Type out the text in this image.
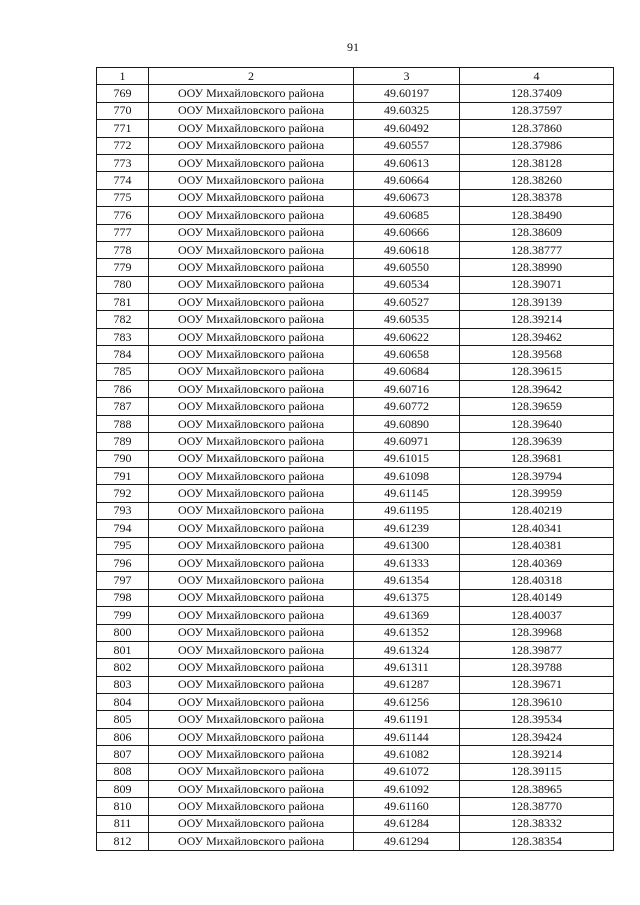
91
1	2	3	4
769	ООУ Михайловского района	49.60197	128.37409
770	ООУ Михайловского района	49.60325	128.37597
771	ООУ Михайловского района	49.60492	128.37860
772	ООУ Михайловского района	49.60557	128.37986
773	ООУ Михайловского района	49.60613	128.38128
774	ООУ Михайловского района	49.60664	128.38260
775	ООУ Михайловского района	49.60673	128.38378
776	ООУ Михайловского района	49.60685	128.38490
777	ООУ Михайловского района	49.60666	128.38609
778	ООУ Михайловского района	49.60618	128.38777
779	ООУ Михайловского района	49.60550	128.38990
780	ООУ Михайловского района	49.60534	128.39071
781	ООУ Михайловского района	49.60527	128.39139
782	ООУ Михайловского района	49.60535	128.39214
783	ООУ Михайловского района	49.60622	128.39462
784	ООУ Михайловского района	49.60658	128.39568
785	ООУ Михайловского района	49.60684	128.39615
786	ООУ Михайловского района	49.60716	128.39642
787	ООУ Михайловского района	49.60772	128.39659
788	ООУ Михайловского района	49.60890	128.39640
789	ООУ Михайловского района	49.60971	128.39639
790	ООУ Михайловского района	49.61015	128.39681
791	ООУ Михайловского района	49.61098	128.39794
792	ООУ Михайловского района	49.61145	128.39959
793	ООУ Михайловского района	49.61195	128.40219
794	ООУ Михайловского района	49.61239	128.40341
795	ООУ Михайловского района	49.61300	128.40381
796	ООУ Михайловского района	49.61333	128.40369
797	ООУ Михайловского района	49.61354	128.40318
798	ООУ Михайловского района	49.61375	128.40149
799	ООУ Михайловского района	49.61369	128.40037
800	ООУ Михайловского района	49.61352	128.39968
801	ООУ Михайловского района	49.61324	128.39877
802	ООУ Михайловского района	49.61311	128.39788
803	ООУ Михайловского района	49.61287	128.39671
804	ООУ Михайловского района	49.61256	128.39610
805	ООУ Михайловского района	49.61191	128.39534
806	ООУ Михайловского района	49.61144	128.39424
807	ООУ Михайловского района	49.61082	128.39214
808	ООУ Михайловского района	49.61072	128.39115
809	ООУ Михайловского района	49.61092	128.38965
810	ООУ Михайловского района	49.61160	128.38770
811	ООУ Михайловского района	49.61284	128.38332
812	ООУ Михайловского района	49.61294	128.38354
